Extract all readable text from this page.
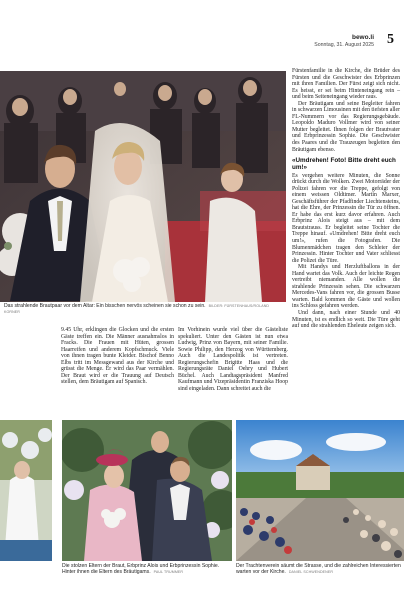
bewo.li
Sonntag, 31. August 2025 5
Das strahlende Brautpaar vor dem Altar: Ein bisschen nervös scheinen sie schon zu sein. BILDER: FÜRSTENHAUS/ROLAND KORNER

Fürstenfamilie in die Kirche, die Brüder des Fürsten und die Geschwister des Erbprinzen mit ihren Familien. Der Fürst zeigt sich nicht. Es heisst, er sei beim Hinteneingang rein – und beim Seiteneingang wieder raus.

Der Bräutigam und seine Begleiter fahren in schwarzen Limousinen mit den tiefsten aller FL-Nummern vor das Regierungsgebäude. Leopoldo Maduro Vollmer wird von seiner Mutter begleitet. Ihnen folgen der Brautvater und Erbprinzessin Sophie. Die Geschwister des Paares und die Trauzeugen begleiten den Bräutigam ebenso.

«Umdrehen! Foto! Bitte dreht euch um!»

Es vergehen weitere Minuten, die Sonne drückt durch die Wolken. Zwei Motorräder der Polizei fahren vor die Treppe, gefolgt von einem weissen Oldtimer. Martin Marxer, Geschäftsführer der Pfadfinder Liechtensteins, hat die Ehre, der Prinzessin die Tür zu öffnen. Er habe das erst kurz davor erfahren. Auch Erbprinz Alois steigt aus – mit dem Brautstrauss. Er begleitet seine Tochter die Treppe hinauf. «Umdrehen! Bitte dreht euch um!», rufen die Fotografen. Die Blumenmädchen tragen den Schleier der Prinzessin. Hinter Tochter und Vater schliesst die Polizei die Türe.

Mit Handys und Herzluftballons in der Hand wartet das Volk. Auch der leichte Regen vertreibt niemanden. Alle wollen die strahlende Prinzessin sehen. Die schwarzen Mercedes-Vans fahren vor, die grossen Busse warten. Bald kommen die Gäste und wollen ins Schloss gefahren werden.

Und dann, nach einer Stunde und 40 Minuten, ist es endlich so weit. Die Türe geht auf und die strahlenden Eheleute zeigen sich.

9.45 Uhr, erklingen die Glocken und die ersten Gäste treffen ein. Die Männer ausnahmslos in Fracks. Die Frauen mit Hüten, grossen Haarreifen und anderem Kopfschmuck. Viele von ihnen tragen bunte Kleider. Bischof Benno Elbs tritt im Messgewand aus der Kirche und grüsst die Menge. Er wird das Paar vermählen. Der Braut wird er die Trauung auf Deutsch stellen, dem Bräutigam auf Spanisch.

Im Vorhinein wurde viel über die Gästeliste spekuliert. Unter den Gästen ist nun etwa Ludwig, Prinz von Bayern, mit seiner Familie. Sowie Philipp, den Herzog von Württemberg. Auch die Landespolitik ist vertreten. Regierungschefin Brigitte Haas und die Regierungsräte Daniel Oehry und Hubert Büchel. Auch Landtagspräsident Manfred Kaufmann und Vizepräsidentin Franziska Hoop sind eingeladen. Dann schreitet auch die

Die stolzen Eltern der Braut, Erbprinz Alois und Erbprinzessin Sophie. Hinter ihnen die Eltern des Bräutigams. PAUL TRUMMER
Der Trachtenverein säumt die Strasse, und die zahlreichen Interessierten warten vor der Kirche. DANIEL SCHWENDENER
